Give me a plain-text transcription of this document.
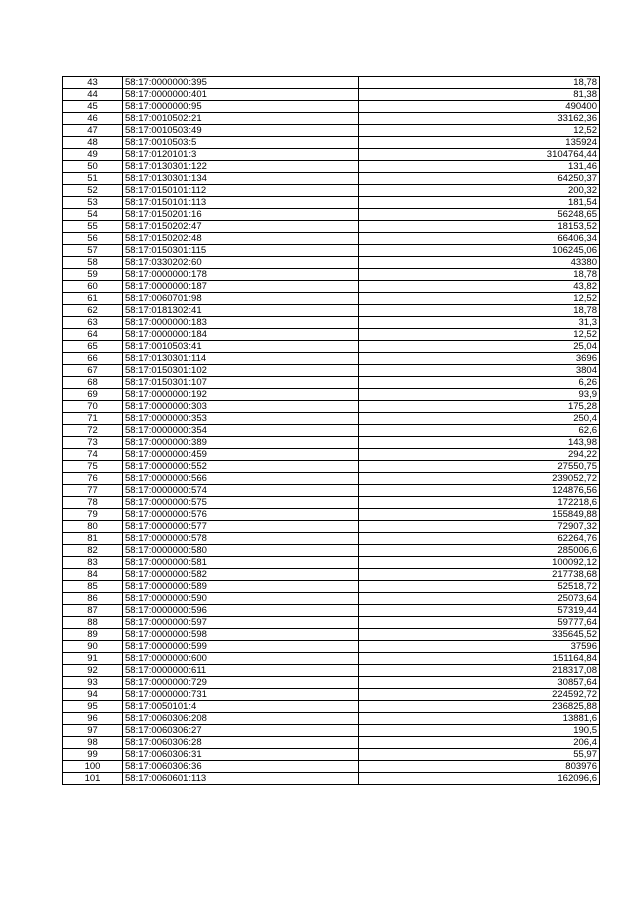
43	58:17:0000000:395	18,78
44	58:17:0000000:401	81,38
45	58:17:0000000:95	490400
46	58:17:0010502:21	33162,36
47	58:17:0010503:49	12,52
48	58:17:0010503:5	135924
49	58:17:0120101:3	3104764,44
50	58:17:0130301:122	131,46
51	58:17:0130301:134	64250,37
52	58:17:0150101:112	200,32
53	58:17:0150101:113	181,54
54	58:17:0150201:16	56248,65
55	58:17:0150202:47	18153,52
56	58:17:0150202:48	66406,34
57	58:17:0150301:115	106245,06
58	58:17:0330202:60	43380
59	58:17:0000000:178	18,78
60	58:17:0000000:187	43,82
61	58:17:0060701:98	12,52
62	58:17:0181302:41	18,78
63	58:17:0000000:183	31,3
64	58:17:0000000:184	12,52
65	58:17:0010503:41	25,04
66	58:17:0130301:114	3696
67	58:17:0150301:102	3804
68	58:17:0150301:107	6,26
69	58:17:0000000:192	93,9
70	58:17:0000000:303	175,28
71	58:17:0000000:353	250,4
72	58:17:0000000:354	62,6
73	58:17:0000000:389	143,98
74	58:17:0000000:459	294,22
75	58:17:0000000:552	27550,75
76	58:17:0000000:566	239052,72
77	58:17:0000000:574	124876,56
78	58:17:0000000:575	172218,6
79	58:17:0000000:576	155849,88
80	58:17:0000000:577	72907,32
81	58:17:0000000:578	62264,76
82	58:17:0000000:580	285006,6
83	58:17:0000000:581	100092,12
84	58:17:0000000:582	217738,68
85	58:17:0000000:589	52518,72
86	58:17:0000000:590	25073,64
87	58:17:0000000:596	57319,44
88	58:17:0000000:597	59777,64
89	58:17:0000000:598	335645,52
90	58:17:0000000:599	37596
91	58:17:0000000:600	151164,84
92	58:17:0000000:611	218317,08
93	58:17:0000000:729	30857,64
94	58:17:0000000:731	224592,72
95	58:17:0050101:4	236825,88
96	58:17:0060306:208	13881,6
97	58:17:0060306:27	190,5
98	58:17:0060306:28	206,4
99	58:17:0060306:31	55,97
100	58:17:0060306:36	803976
101	58:17:0060601:113	162096,6
